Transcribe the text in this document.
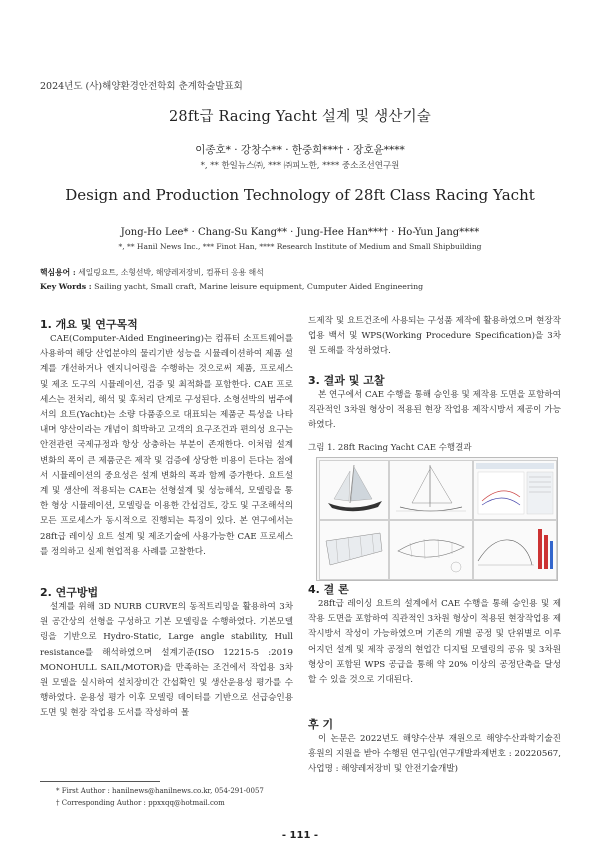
2024년도 (사)해양환경안전학회 춘계학술발표회
28ft급 Racing Yacht 설계 및 생산기술
이종호* · 강창수** · 한중희***† · 장호윤****
*, ** 한일뉴스㈜, *** ㈜피노한, **** 중소조선연구원
Design and Production Technology of 28ft Class Racing Yacht
Jong-Ho Lee* · Chang-Su Kang** · Jung-Hee Han***† · Ho-Yun Jang****
*, ** Hanil News Inc., *** Finot Han, **** Research Institute of Medium and Small Shipbuilding
핵심용어 : 세일링요트, 소형선박, 해양레저장비, 컴퓨터 응용 해석
Key Words : Sailing yacht, Small craft, Marine leisure equipment, Cumputer Aided Engineering
1. 개요 및 연구목적

CAE(Computer-Aided Engineering)는 컴퓨터 소프트웨어를 사용하여 해당 산업분야의 물리기반 성능을 시뮬레이션하여 제품 설계를 개선하거나 엔지니어링을 수행하는 것으로써 제품, 프로세스 및 제조 도구의 시뮬레이션, 검증 및 최적화를 포함한다. CAE 프로세스는 전처리, 해석 및 후처리 단계로 구성된다. 소형선박의 범주에서의 요트(Yacht)는 소량 다품종으로 대표되는 제품군 특성을 나타내며 양산이라는 개념이 희박하고 고객의 요구조건과 편의성 요구는 안전관련 국제규정과 항상 상충하는 부분이 존재한다. 이처럼 설계 변화의 폭이 큰 제품군은 제작 및 검증에 상당한 비용이 든다는 점에서 시뮬레이션의 중요성은 설계 변화의 폭과 함께 증가한다. 요트설계 및 생산에 적용되는 CAE는 선형설계 및 성능해석, 모델링을 통한 형상 시뮬레이션, 모델링을 이용한 간섭검토, 강도 및 구조해석의 모든 프로세스가 동시적으로 진행되는 특징이 있다. 본 연구에서는 28ft급 레이싱 요트 설계 및 제조기술에 사용가능한 CAE 프로세스를 정의하고 실제 현업적용 사례를 고찰한다.

2. 연구방법

설계를 위해 3D NURB CURVE의 동적트리밍을 활용하여 3차원 공간상의 선형을 구성하고 기본 모델링을 수행하였다. 기본모델링을 기반으로 Hydro-Static, Large angle stability, Hull resistance를 해석하였으며 설계기준(ISO 12215-5 :2019 MONOHULL SAIL/MOTOR)을 만족하는 조건에서 작업용 3차원 모델을 실시하여 설치장비간 간섭확인 및 생산운용성 평가를 수행하였다. 운용성 평가 이후 모델링 데이터를 기반으로 선급승인용 도면 및 현장 작업용 도서를 작성하여 몰

드제작 및 요트건조에 사용되는 구성품 제작에 활용하였으며 현장작업용 백서 및 WPS(Working Procedure Specification)을 3차원 도해를 작성하였다.

3. 결과 및 고찰

본 연구에서 CAE 수행을 통해 승인용 및 제작용 도면을 포함하여 직관적인 3차원 형상이 적용된 현장 작업용 제작시방서 제공이 가능하였다.

그림 1. 28ft Racing Yacht CAE 수행결과
4. 결 론

28ft급 레이싱 요트의 설계에서 CAE 수행을 통해 승인용 및 제작용 도면을 포함하여 직관적인 3차원 형상이 적용된 현장작업용 제작시방서 작성이 가능하였으며 기존의 개별 공정 및 단위별로 이루어지던 설계 및 제작 공정의 현업간 디지털 모델링의 공유 및 3차원 형상이 포함된 WPS 공급을 통해 약 20% 이상의 공정단축을 달성할 수 있을 것으로 기대된다.

후 기

이 논문은 2022년도 해양수산부 재원으로 해양수산과학기술진흥원의 지원을 받아 수행된 연구임(연구개발과제번호 : 20220567, 사업명 : 해양레저장비 및 안전기술개발)

* First Author : hanilnews@hanilnews.co.kr, 054-291-0057
† Corresponding Author : ppxxqq@hotmail.com
- 111 -
